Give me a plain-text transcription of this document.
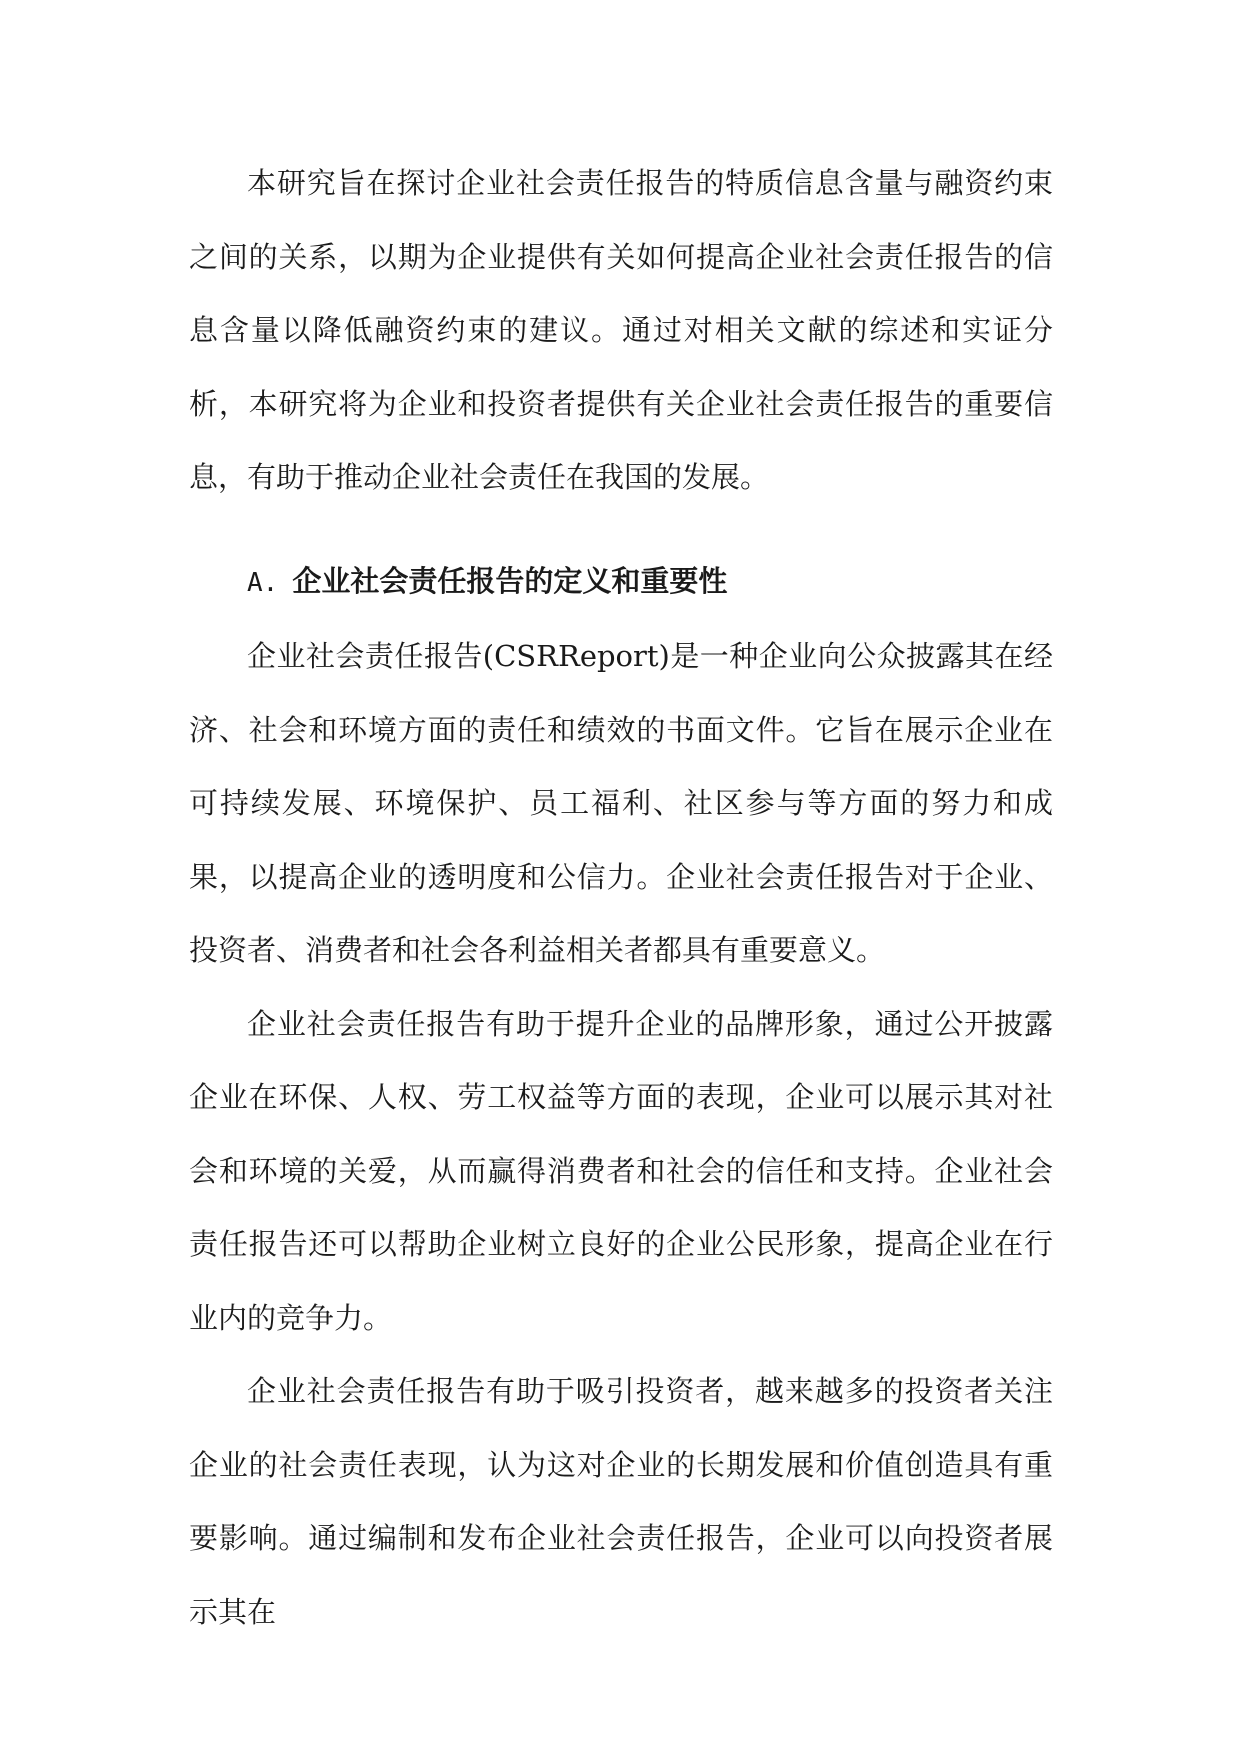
本研究旨在探讨企业社会责任报告的特质信息含量与融资约束之间的关系，以期为企业提供有关如何提高企业社会责任报告的信息含量以降低融资约束的建议。通过对相关文献的综述和实证分析，本研究将为企业和投资者提供有关企业社会责任报告的重要信息，有助于推动企业社会责任在我国的发展。

A. 企业社会责任报告的定义和重要性

企业社会责任报告(CSRReport)是一种企业向公众披露其在经济、社会和环境方面的责任和绩效的书面文件。它旨在展示企业在可持续发展、环境保护、员工福利、社区参与等方面的努力和成果，以提高企业的透明度和公信力。企业社会责任报告对于企业、投资者、消费者和社会各利益相关者都具有重要意义。

企业社会责任报告有助于提升企业的品牌形象，通过公开披露企业在环保、人权、劳工权益等方面的表现，企业可以展示其对社会和环境的关爱，从而赢得消费者和社会的信任和支持。企业社会责任报告还可以帮助企业树立良好的企业公民形象，提高企业在行业内的竞争力。

企业社会责任报告有助于吸引投资者，越来越多的投资者关注企业的社会责任表现，认为这对企业的长期发展和价值创造具有重要影响。通过编制和发布企业社会责任报告，企业可以向投资者展示其在
